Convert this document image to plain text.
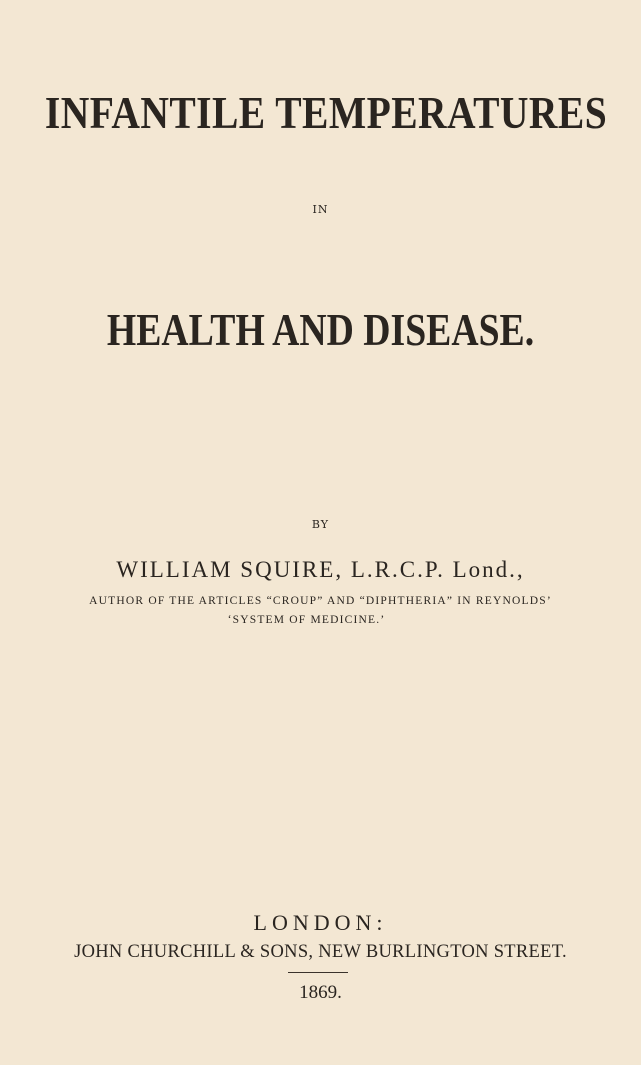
INFANTILE TEMPERATURES
IN
HEALTH AND DISEASE.
BY
WILLIAM SQUIRE, L.R.C.P. Lond.,
AUTHOR OF THE ARTICLES “CROUP” AND “DIPHTHERIA” IN REYNOLDS’
‘SYSTEM OF MEDICINE.’
LONDON:
JOHN CHURCHILL & SONS, NEW BURLINGTON STREET.
1869.
